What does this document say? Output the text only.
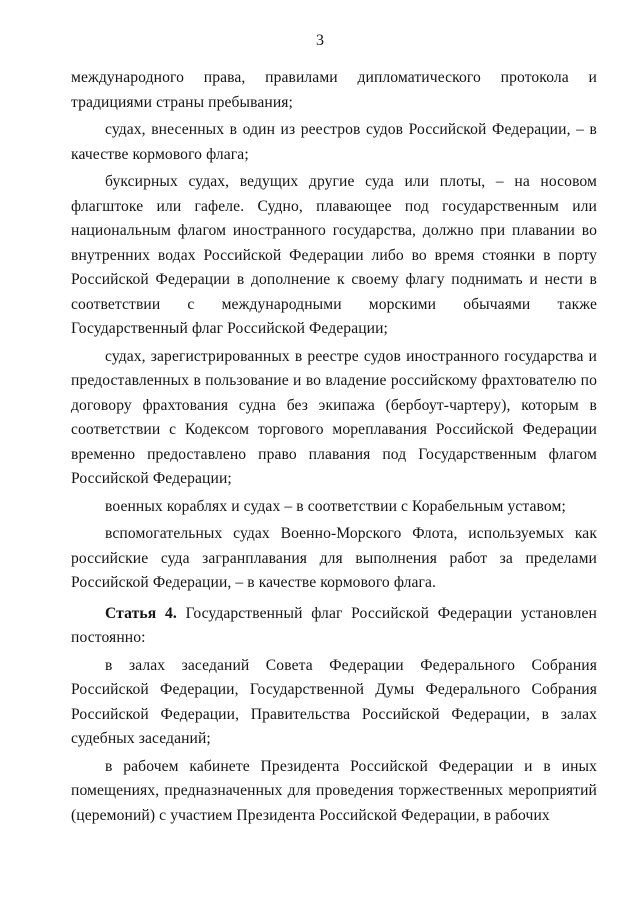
3

международного права, правилами дипломатического протокола и традициями страны пребывания;

судах, внесенных в один из реестров судов Российской Федерации, – в качестве кормового флага;

буксирных судах, ведущих другие суда или плоты, – на носовом флагштоке или гафеле. Судно, плавающее под государственным или национальным флагом иностранного государства, должно при плавании во внутренних водах Российской Федерации либо во время стоянки в порту Российской Федерации в дополнение к своему флагу поднимать и нести в соответствии с международными морскими обычаями также Государственный флаг Российской Федерации;

судах, зарегистрированных в реестре судов иностранного государства и предоставленных в пользование и во владение российскому фрахтователю по договору фрахтования судна без экипажа (бербоут-чартеру), которым в соответствии с Кодексом торгового мореплавания Российской Федерации временно предоставлено право плавания под Государственным флагом Российской Федерации;

военных кораблях и судах – в соответствии с Корабельным уставом;

вспомогательных судах Военно-Морского Флота, используемых как российские суда загранплавания для выполнения работ за пределами Российской Федерации, – в качестве кормового флага.

Статья 4. Государственный флаг Российской Федерации установлен постоянно:

в залах заседаний Совета Федерации Федерального Собрания Российской Федерации, Государственной Думы Федерального Собрания Российской Федерации, Правительства Российской Федерации, в залах судебных заседаний;

в рабочем кабинете Президента Российской Федерации и в иных помещениях, предназначенных для проведения торжественных мероприятий (церемоний) с участием Президента Российской Федерации, в рабочих
